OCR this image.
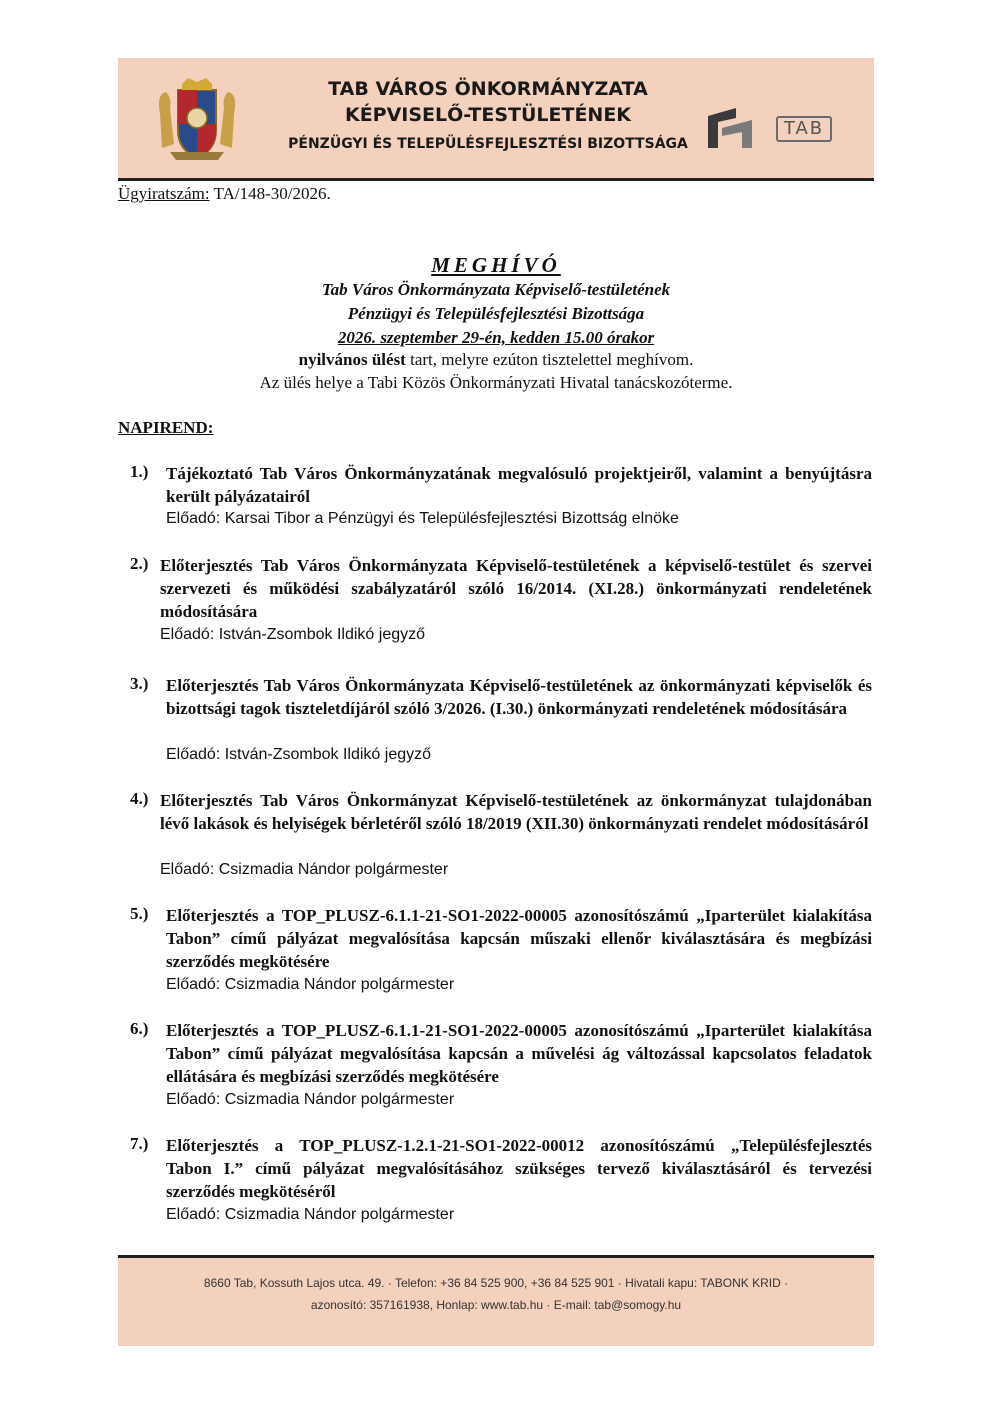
TAB VÁROS ÖNKORMÁNYZATA
KÉPVISELŐ-TESTÜLETÉNEK
PÉNZÜGYI ÉS TELEPÜLÉSFEJLESZTÉSI BIZOTTSÁGA
TAB
Ügyiratszám: TA/148-30/2026.
MEGHÍVÓ
Tab Város Önkormányzata Képviselő-testületének
Pénzügyi és Településfejlesztési Bizottsága
2026. szeptember 29-én, kedden 15.00 órakor
nyilvános ülést tart, melyre ezúton tisztelettel meghívom.
Az ülés helye a Tabi Közös Önkormányzati Hivatal tanácskozóterme.
NAPIREND:
1.) Tájékoztató Tab Város Önkormányzatának megvalósuló projektjeiről, valamint a benyújtásra került pályázatairól
Előadó: Karsai Tibor a Pénzügyi és Településfejlesztési Bizottság elnöke
2.) Előterjesztés Tab Város Önkormányzata Képviselő-testületének a képviselő-testület és szervei szervezeti és működési szabályzatáról szóló 16/2014. (XI.28.) önkormányzati rendeletének módosítására
Előadó: István-Zsombok Ildikó jegyző
3.) Előterjesztés Tab Város Önkormányzata Képviselő-testületének az önkormányzati képviselők és bizottsági tagok tiszteletdíjáról szóló 3/2026. (I.30.) önkormányzati rendeletének módosítására
Előadó: István-Zsombok Ildikó jegyző
4.) Előterjesztés Tab Város Önkormányzat Képviselő-testületének az önkormányzat tulajdonában lévő lakások és helyiségek bérletéről szóló 18/2019 (XII.30) önkormányzati rendelet módosításáról
Előadó: Csizmadia Nándor polgármester
5.) Előterjesztés a TOP_PLUSZ-6.1.1-21-SO1-2022-00005 azonosítószámú „Iparterület kialakítása Tabon” című pályázat megvalósítása kapcsán műszaki ellenőr kiválasztására és megbízási szerződés megkötésére
Előadó: Csizmadia Nándor polgármester
6.) Előterjesztés a TOP_PLUSZ-6.1.1-21-SO1-2022-00005 azonosítószámú „Iparterület kialakítása Tabon” című pályázat megvalósítása kapcsán a művelési ág változással kapcsolatos feladatok ellátására és megbízási szerződés megkötésére
Előadó: Csizmadia Nándor polgármester
7.) Előterjesztés a TOP_PLUSZ-1.2.1-21-SO1-2022-00012 azonosítószámú „Településfejlesztés Tabon I.” című pályázat megvalósításához szükséges tervező kiválasztásáról és tervezési szerződés megkötéséről
Előadó: Csizmadia Nándor polgármester
8660 Tab, Kossuth Lajos utca. 49. · Telefon: +36 84 525 900, +36 84 525 901 · Hivatali kapu: TABONK KRID ·
azonosító: 357161938, Honlap: www.tab.hu · E-mail: tab@somogy.hu
